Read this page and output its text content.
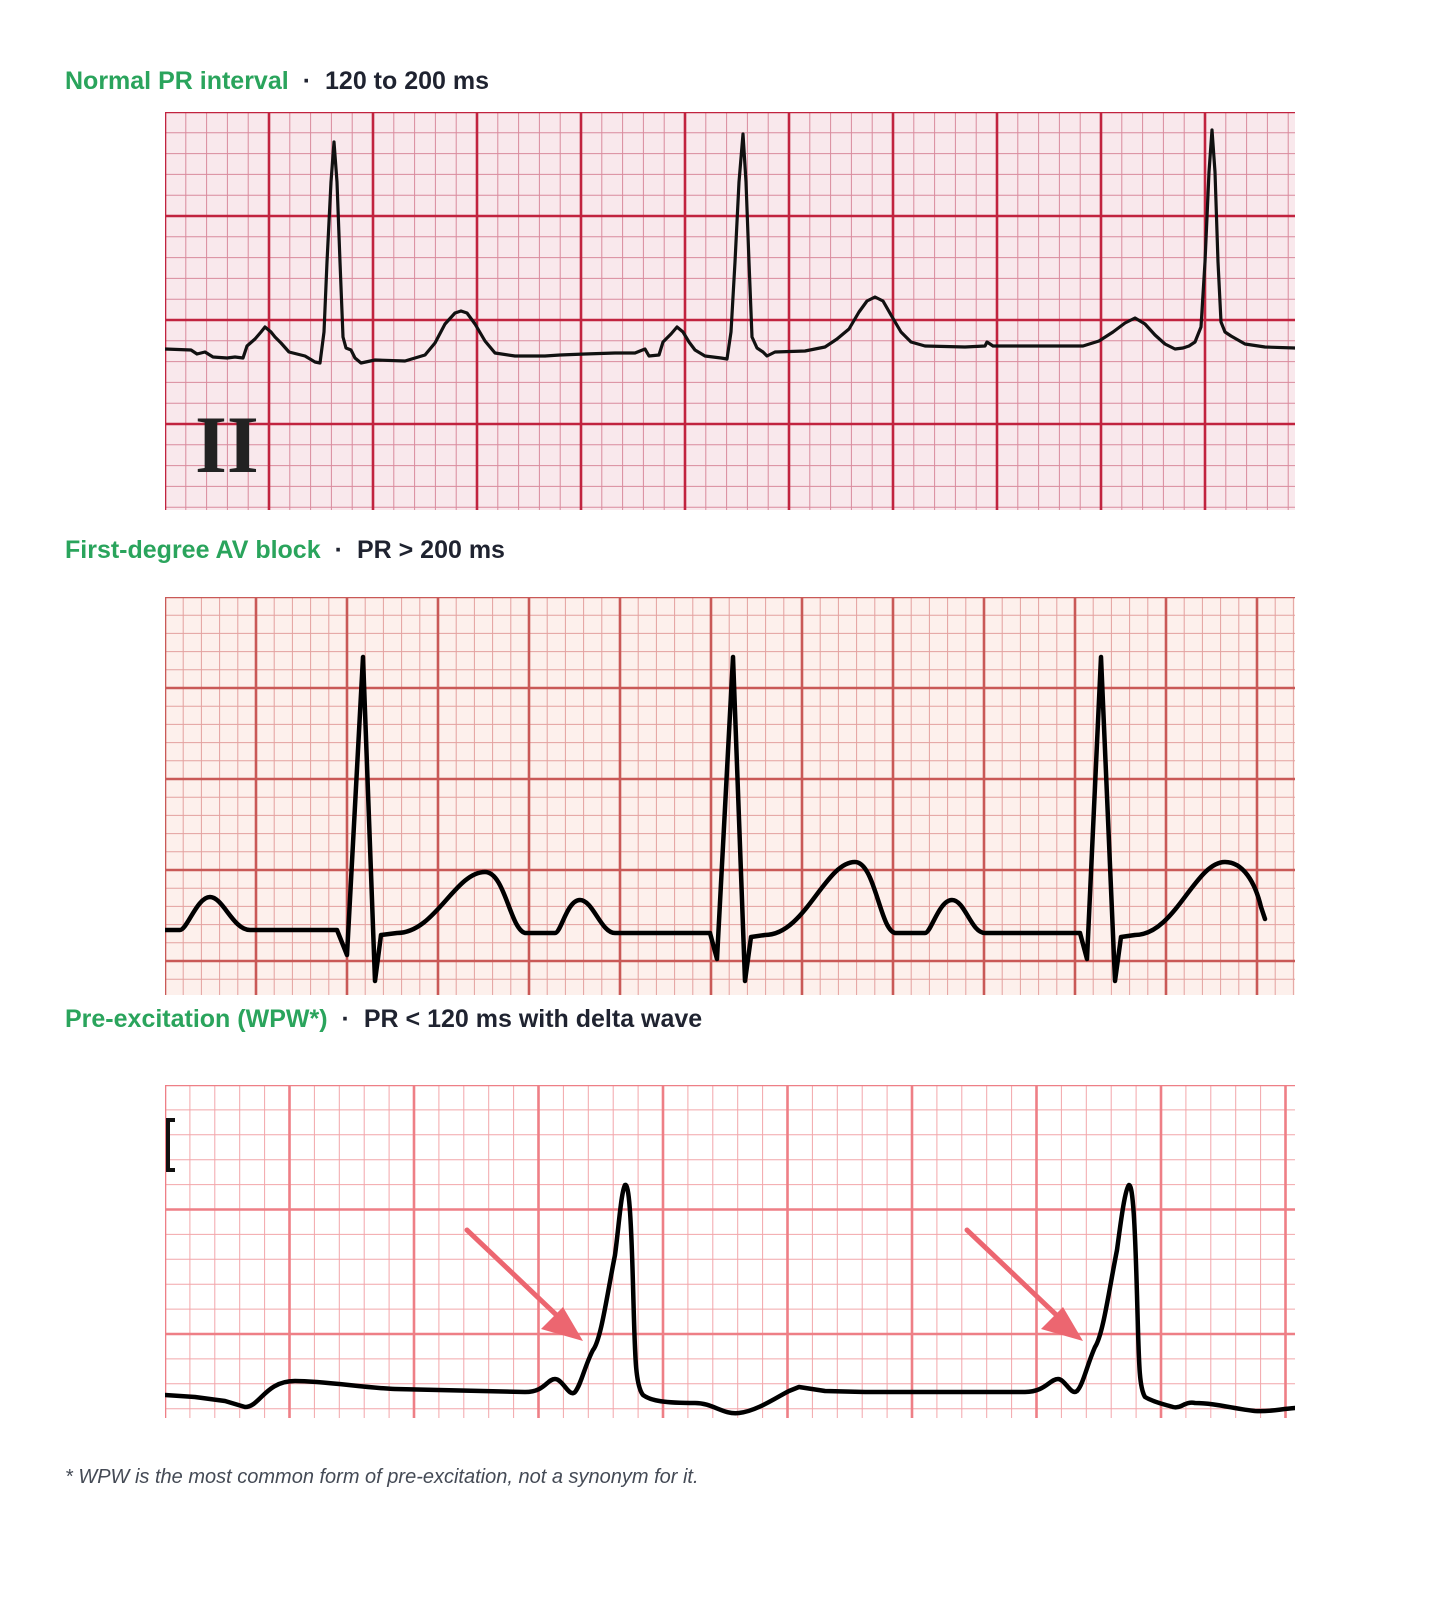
Normal PR interval · 120 to 200 ms
II
First-degree AV block · PR > 200 ms
Pre-excitation (WPW*) · PR < 120 ms with delta wave
* WPW is the most common form of pre-excitation, not a synonym for it.
